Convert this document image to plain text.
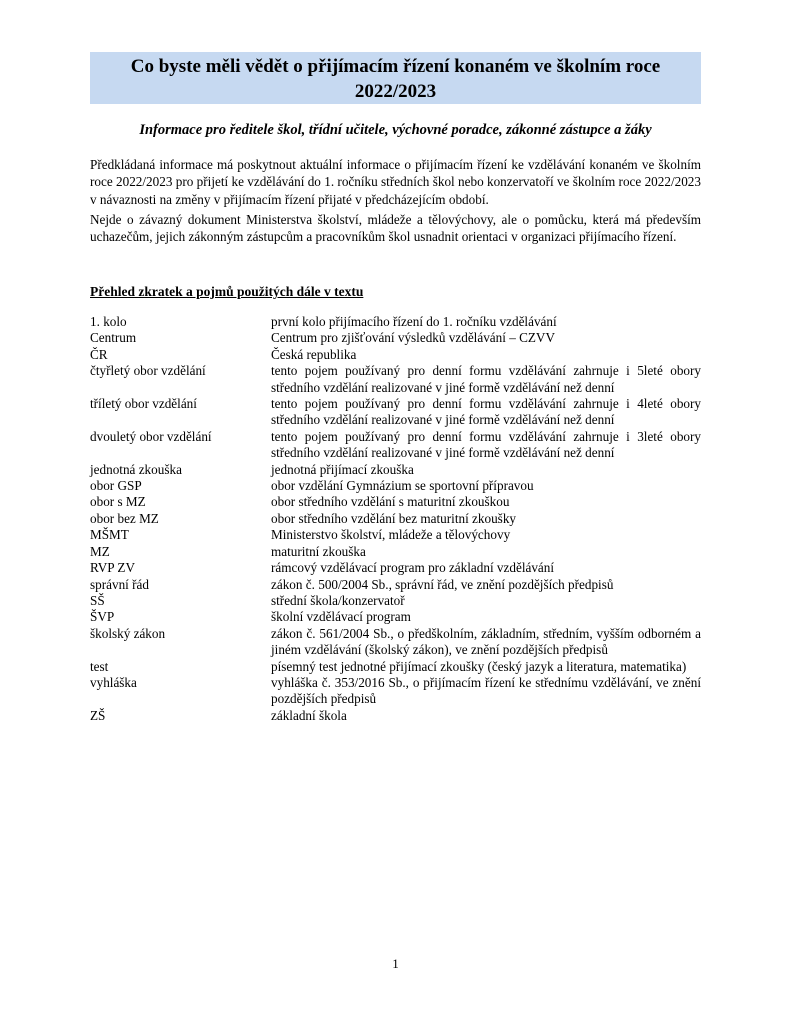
Co byste měli vědět o přijímacím řízení konaném ve školním roce
2022/2023
Informace pro ředitele škol, třídní učitele, výchovné poradce, zákonné zástupce a žáky
Předkládaná informace má poskytnout aktuální informace o přijímacím řízení ke vzdělávání konaném ve školním roce 2022/2023 pro přijetí ke vzdělávání do 1. ročníku středních škol nebo konzervatoří ve školním roce 2022/2023 v návaznosti na změny v přijímacím řízení přijaté v předcházejícím období.
Nejde o závazný dokument Ministerstva školství, mládeže a tělovýchovy, ale o pomůcku, která má především uchazečům, jejich zákonným zástupcům a pracovníkům škol usnadnit orientaci v organizaci přijímacího řízení.
Přehled zkratek a pojmů použitých dále v textu
1. kolo	první kolo přijímacího řízení do 1. ročníku vzdělávání
Centrum	Centrum pro zjišťování výsledků vzdělávání – CZVV
ČR	Česká republika
čtyřletý obor vzdělání	tento pojem používaný pro denní formu vzdělávání zahrnuje i 5leté obory středního vzdělání realizované v jiné formě vzdělávání než denní
tříletý obor vzdělání	tento pojem používaný pro denní formu vzdělávání zahrnuje i 4leté obory středního vzdělání realizované v jiné formě vzdělávání než denní
dvouletý obor vzdělání	tento pojem používaný pro denní formu vzdělávání zahrnuje i 3leté obory středního vzdělání realizované v jiné formě vzdělávání než denní
jednotná zkouška	jednotná přijímací zkouška
obor GSP	obor vzdělání Gymnázium se sportovní přípravou
obor s MZ	obor středního vzdělání s maturitní zkouškou
obor bez MZ	obor středního vzdělání bez maturitní zkoušky
MŠMT	Ministerstvo školství, mládeže a tělovýchovy
MZ	maturitní zkouška
RVP ZV	rámcový vzdělávací program pro základní vzdělávání
správní řád	zákon č. 500/2004 Sb., správní řád, ve znění pozdějších předpisů
SŠ	střední škola/konzervatoř
ŠVP	školní vzdělávací program
školský zákon	zákon č. 561/2004 Sb., o předškolním, základním, středním, vyšším odborném a jiném vzdělávání (školský zákon), ve znění pozdějších předpisů
test	písemný test jednotné přijímací zkoušky (český jazyk a literatura, matematika)
vyhláška	vyhláška č. 353/2016 Sb., o přijímacím řízení ke střednímu vzdělávání, ve znění pozdějších předpisů
ZŠ	základní škola
1
